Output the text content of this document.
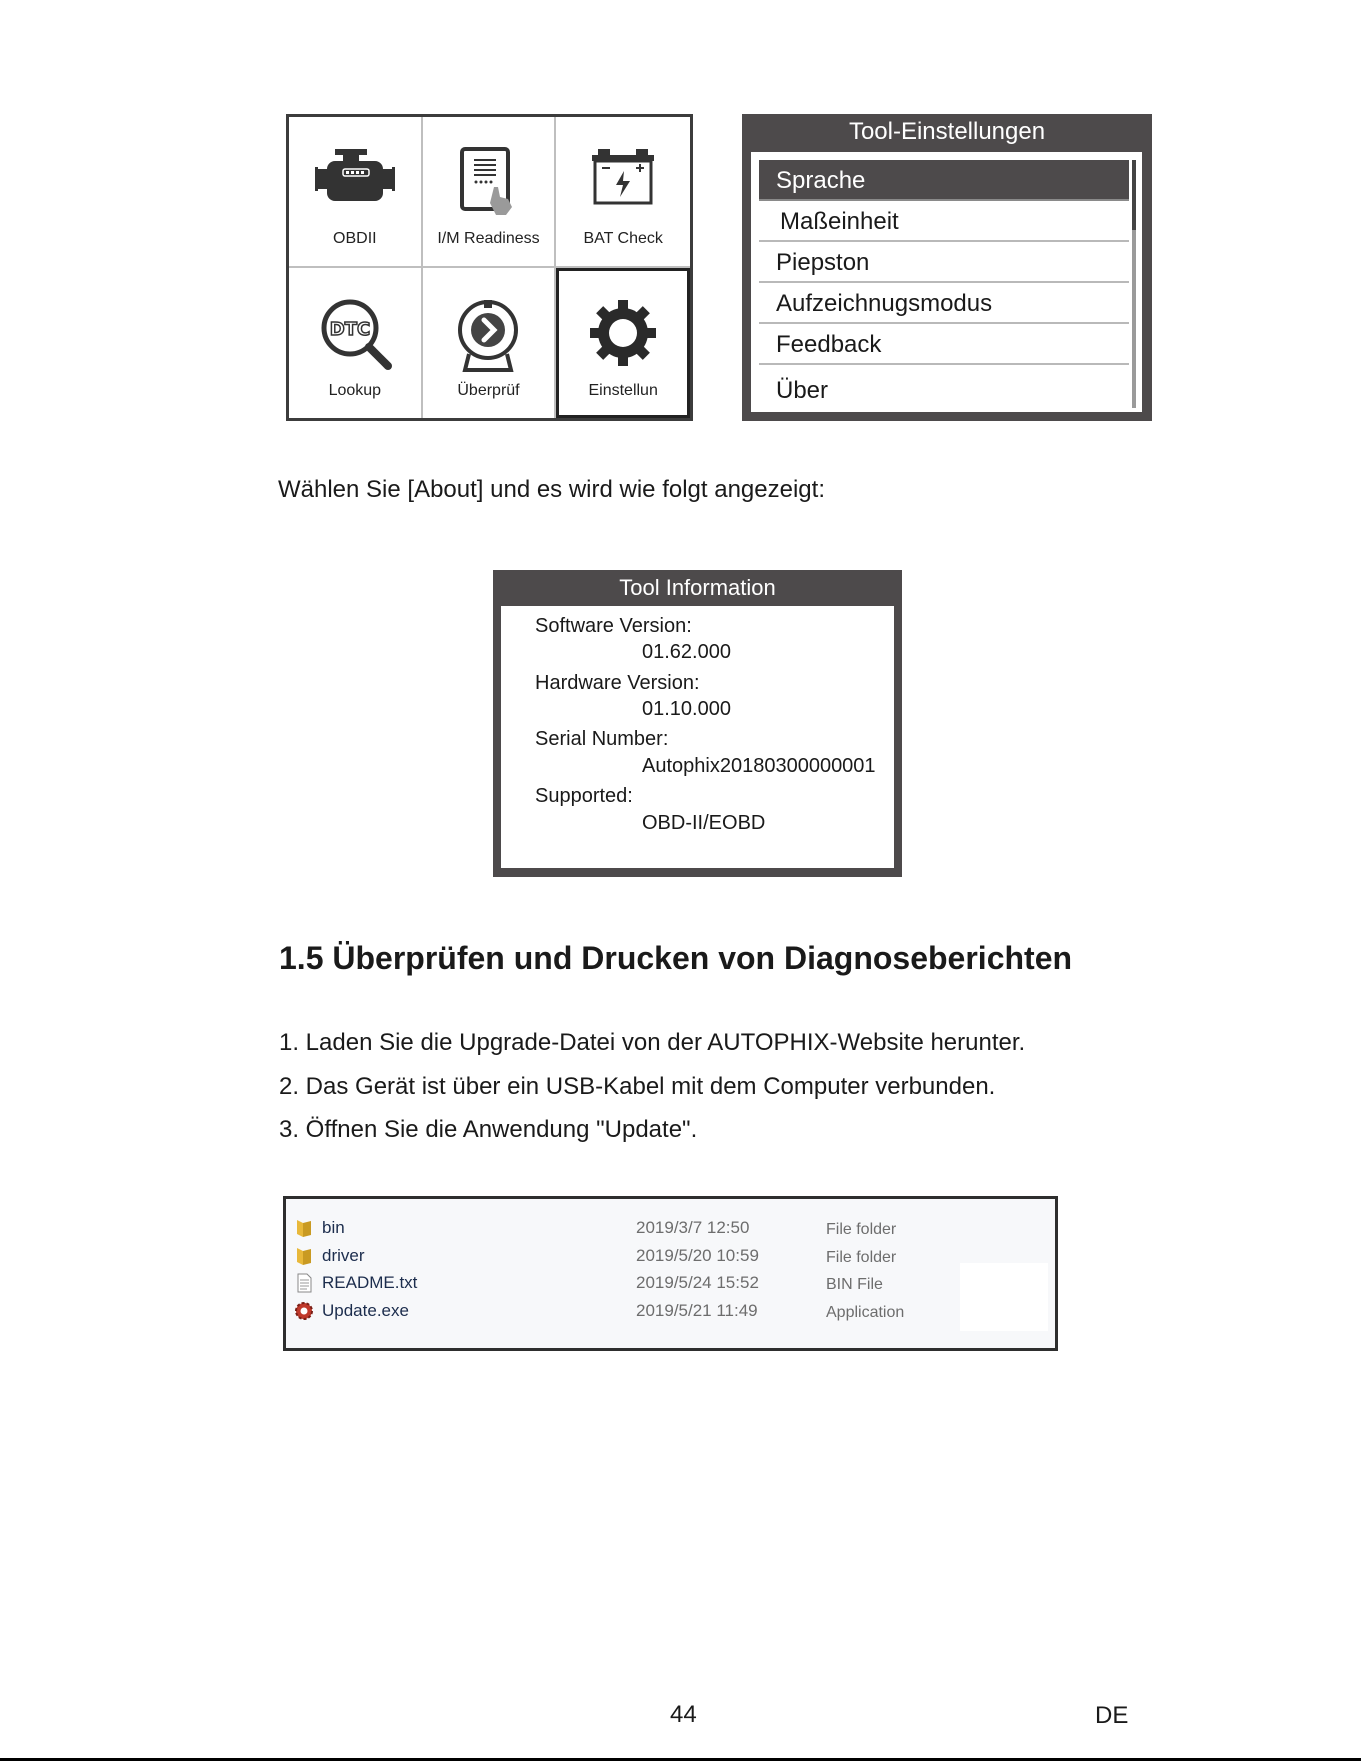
OBDII	I/M Readiness	BAT Check
DTC
Lookup	Überprüf	Einstellun
Tool-Einstellungen
Sprache
Maßeinheit
Piepston
Aufzeichnugsmodus
Feedback
Über
Wählen Sie [About] und es wird wie folgt angezeigt:
Tool Information
Software Version:
01.62.000
Hardware Version:
01.10.000
Serial Number:
Autophix20180300000001
Supported:
OBD-II/EOBD
1.5 Überprüfen und Drucken von Diagnoseberichten
1. Laden Sie die Upgrade-Datei von der AUTOPHIX-Website herunter.
2. Das Gerät ist über ein USB-Kabel mit dem Computer verbunden.
3. Öffnen Sie die Anwendung "Update".
bin	2019/3/7 12:50	File folder
driver	2019/5/20 10:59	File folder
README.txt	2019/5/24 15:52	BIN File
Update.exe	2019/5/21 11:49	Application
44	DE
